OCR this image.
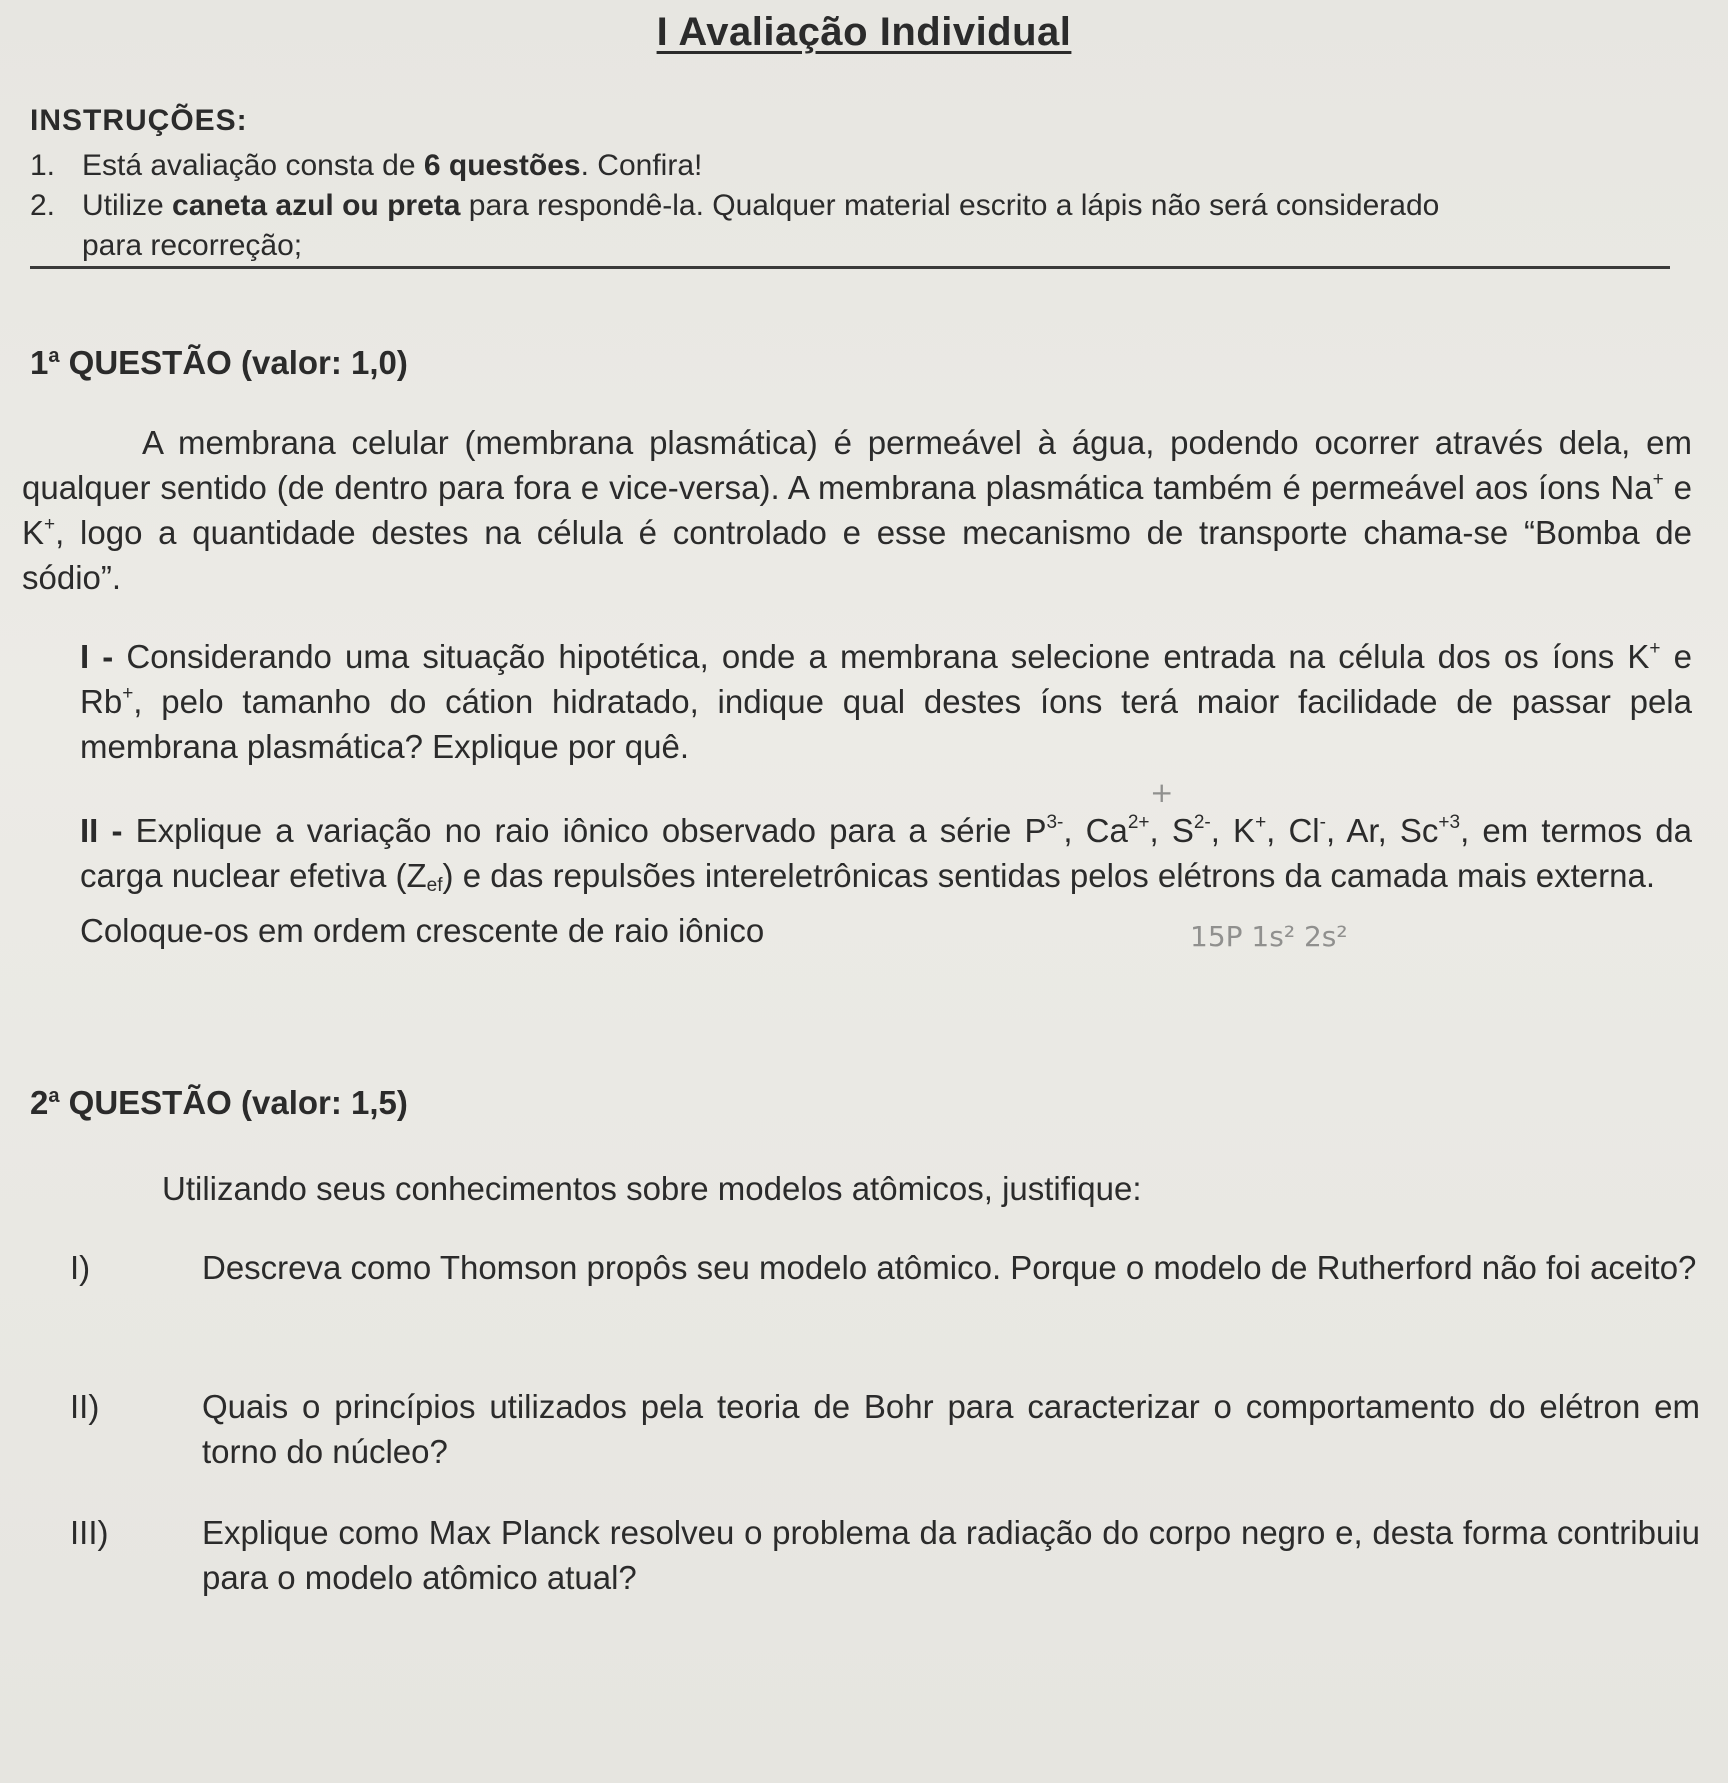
I Avaliação Individual
INSTRUÇÕES:
1. Está avaliação consta de 6 questões. Confira!
2. Utilize caneta azul ou preta para respondê-la. Qualquer material escrito a lápis não será considerado
para recorreção;
1$^a$ QUESTÃO (valor: 1,0)
A membrana celular (membrana plasmática) é permeável à água, podendo ocorrer através dela, em qualquer sentido (de dentro para fora e vice-versa). A membrana plasmática também é permeável aos íons Na+ e K+, logo a quantidade destes na célula é controlado e esse mecanismo de transporte chama-se “Bomba de sódio”.
I - Considerando uma situação hipotética, onde a membrana selecione entrada na célula dos os íons K+ e Rb+, pelo tamanho do cátion hidratado, indique qual destes íons terá maior facilidade de passar pela membrana plasmática? Explique por quê.
+
II - Explique a variação no raio iônico observado para a série $P^{3-}$, $Ca^{2+}$, $S^{2-}$, K+, Cl-, Ar, $Sc^{+3}$, em termos da carga nuclear efetiva $(Z_{ef})$ e das repulsões intereletrônicas sentidas pelos elétrons da camada mais externa.
Coloque-os em ordem crescente de raio iônico	15P 1s² 2s²
2$^a$ QUESTÃO (valor: 1,5)
Utilizando seus conhecimentos sobre modelos atômicos, justifique:
I)	Descreva como Thomson propôs seu modelo atômico. Porque o modelo de Rutherford não foi aceito?
II)	Quais o princípios utilizados pela teoria de Bohr para caracterizar o comportamento do elétron em torno do núcleo?
III)	Explique como Max Planck resolveu o problema da radiação do corpo negro e, desta forma contribuiu para o modelo atômico atual?
